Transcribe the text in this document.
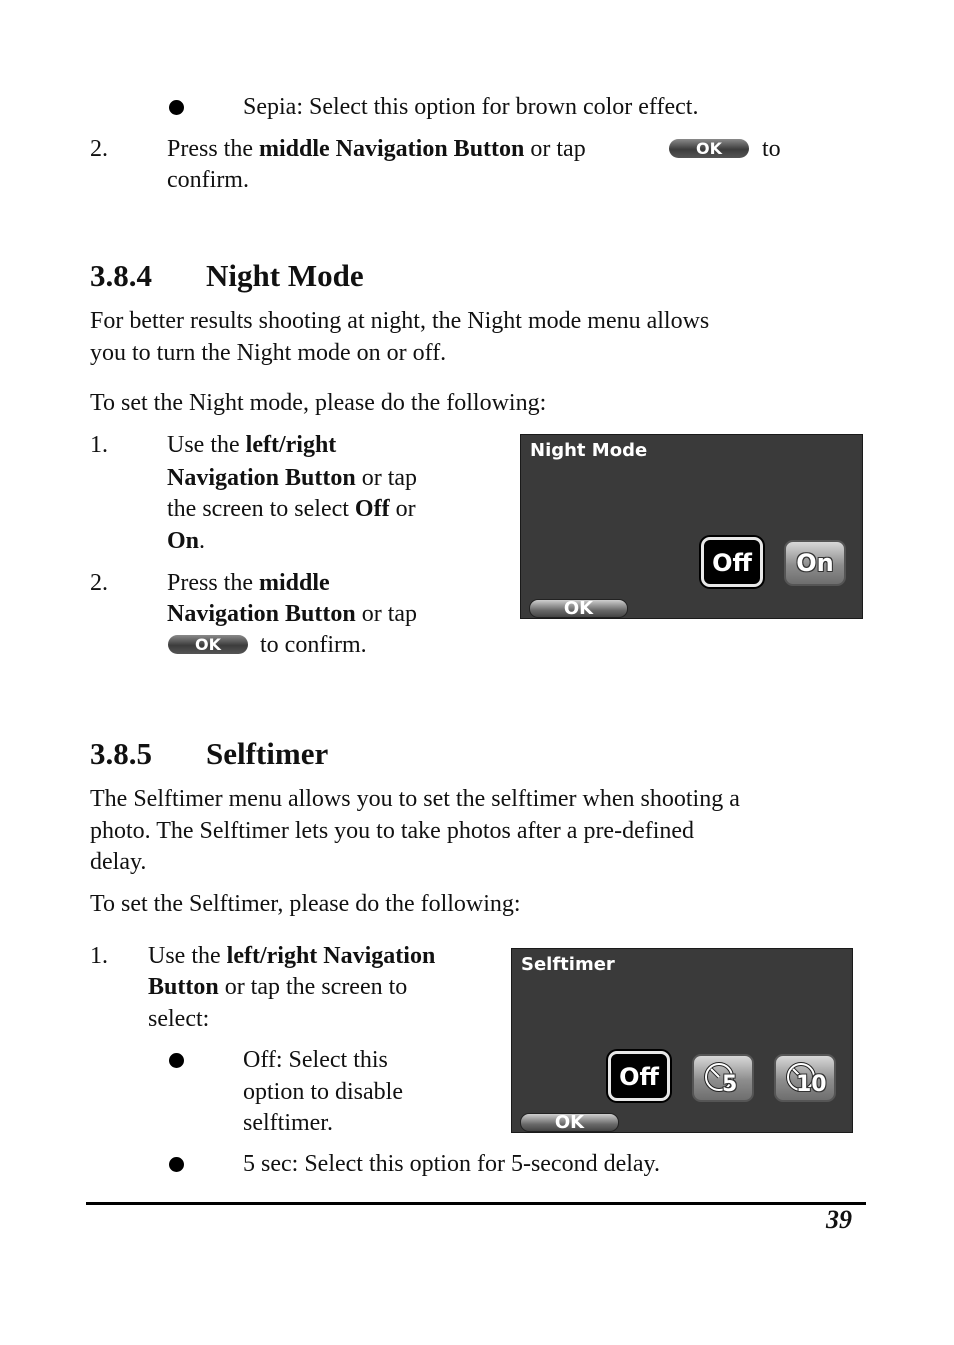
Sepia: Select this option for brown color effect.
2. Press the middle Navigation Button or tap	OK	to
confirm.
3.8.4 Night Mode
For better results shooting at night, the Night mode menu allows
you to turn the Night mode on or off.
To set the Night mode, please do the following:
1. Use the left/right
Navigation Button or tap
the screen to select Off or
On.
2. Press the middle
Navigation Button or tap
OK	to confirm.
Night Mode
Off	On
OK
3.8.5 Selftimer
The Selftimer menu allows you to set the selftimer when shooting a
photo. The Selftimer lets you to take photos after a pre-defined
delay.
To set the Selftimer, please do the following:
1. Use the left/right Navigation
Button or tap the screen to
select:
Off: Select this
option to disable
selftimer.
5 sec: Select this option for 5-second delay.
Selftimer
Off	5	10
OK
39
